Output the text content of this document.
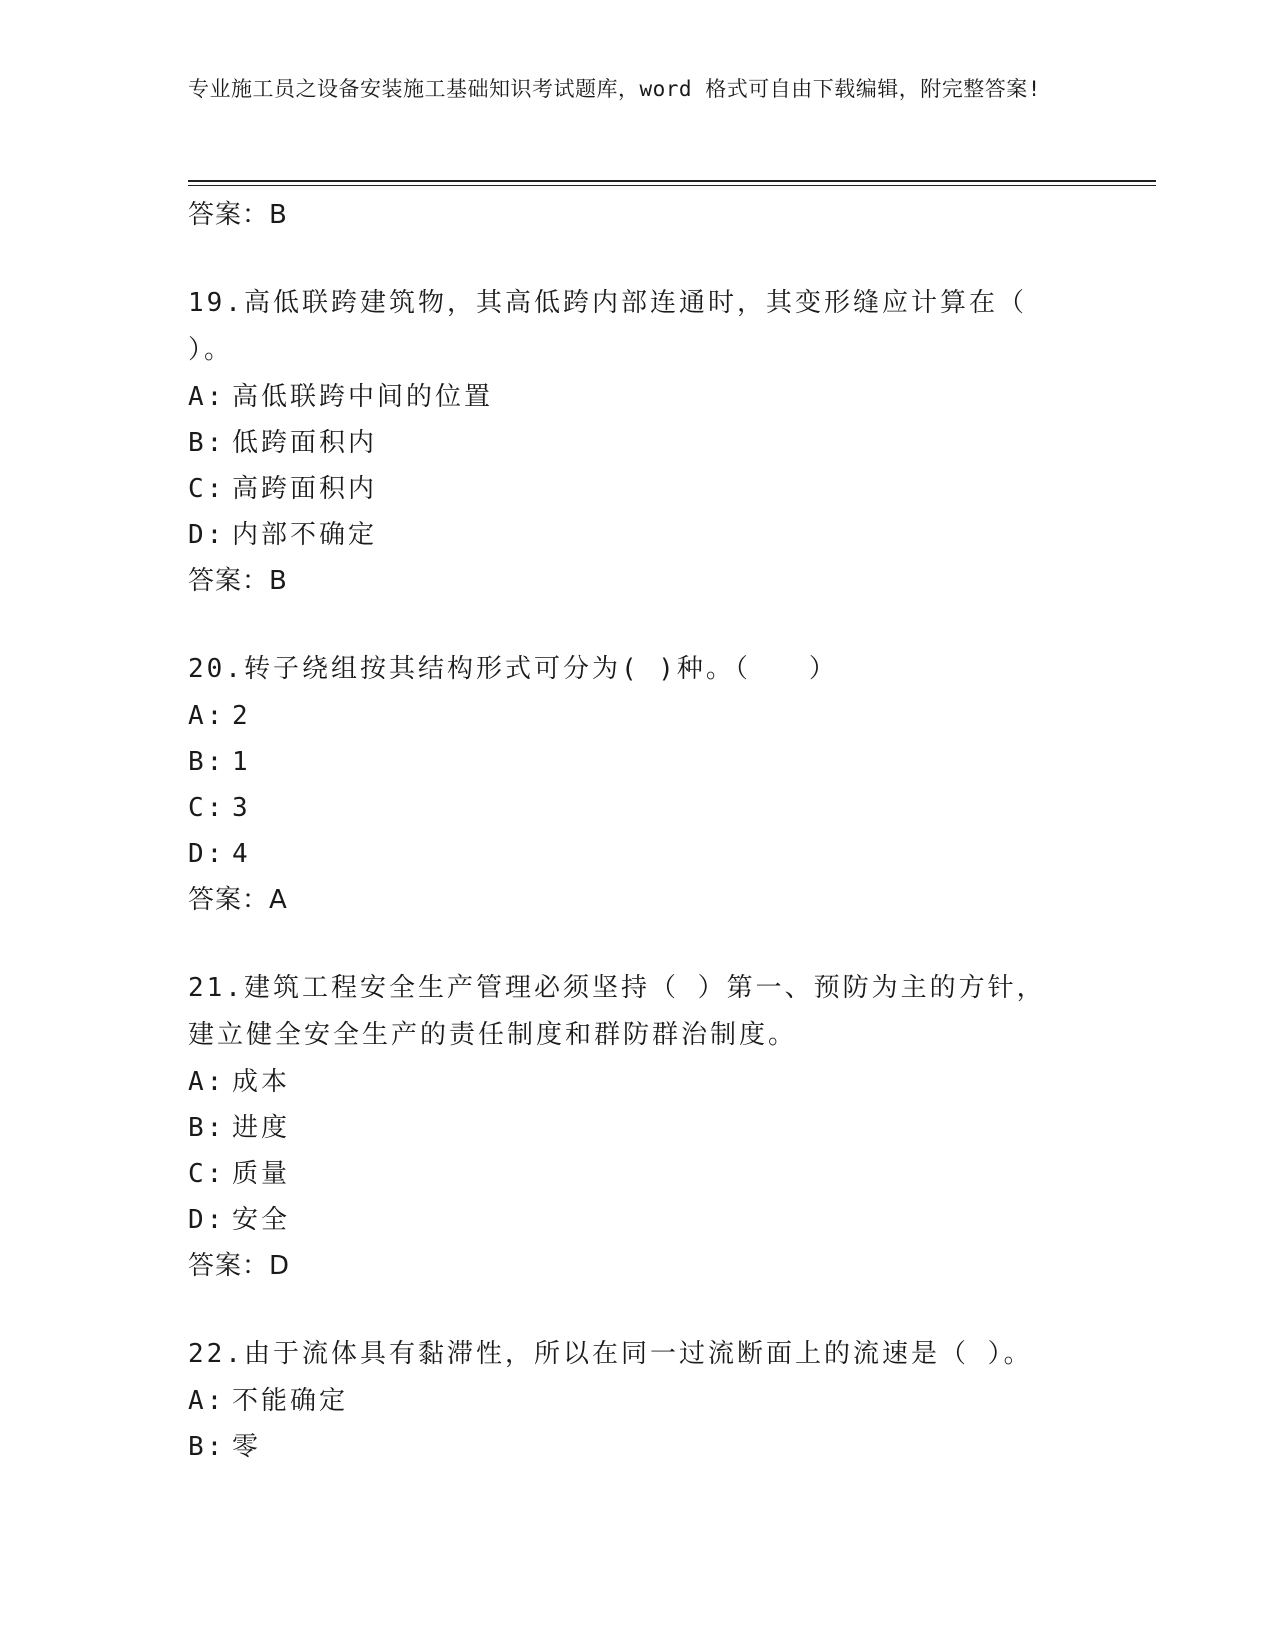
专业施工员之设备安装施工基础知识考试题库，word 格式可自由下载编辑，附完整答案!
答案：B
19.高低联跨建筑物，其高低跨内部连通时，其变形缝应计算在（ ）。
A: 高低联跨中间的位置
B: 低跨面积内
C: 高跨面积内
D: 内部不确定
答案：B
20.转子绕组按其结构形式可分为( )种。（　　）
A: 2
B: 1
C: 3
D: 4
答案：A
21.建筑工程安全生产管理必须坚持（ ）第一、预防为主的方针，建立健全安全生产的责任制度和群防群治制度。
A: 成本
B: 进度
C: 质量
D: 安全
答案：D
22.由于流体具有黏滞性，所以在同一过流断面上的流速是（ ）。
A: 不能确定
B: 零
